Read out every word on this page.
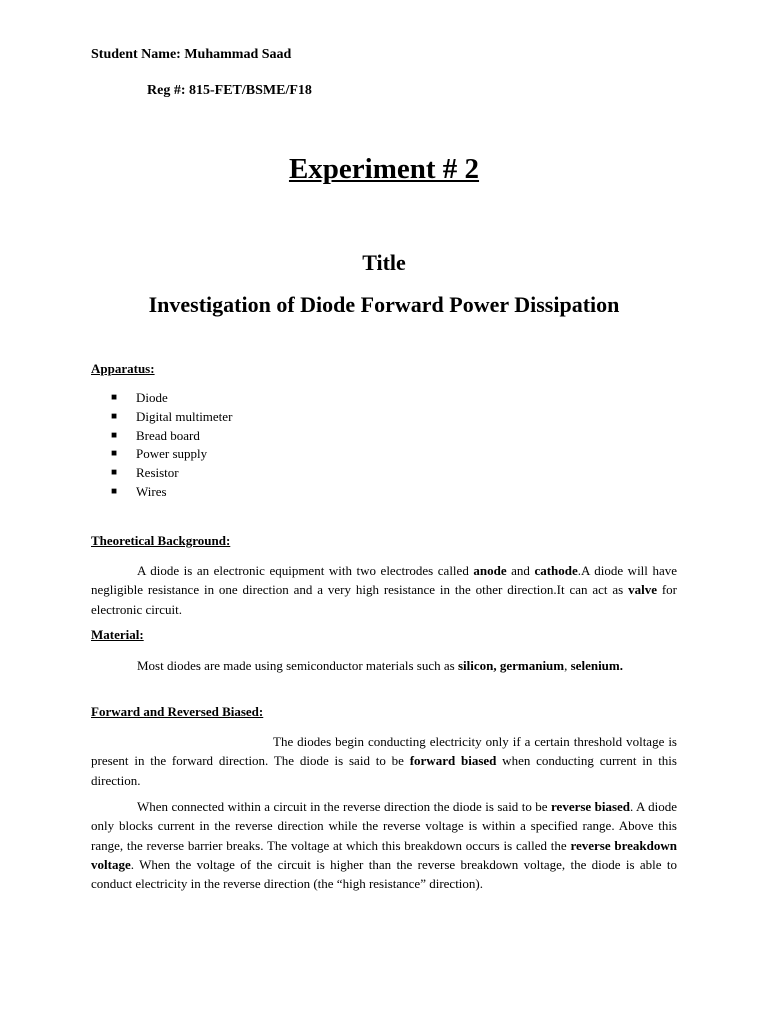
Student Name: Muhammad Saad
Reg #: 815-FET/BSME/F18
Experiment # 2
Title
Investigation of Diode Forward Power Dissipation
Apparatus:
■ Diode
■ Digital multimeter
■ Bread board
■ Power supply
■ Resistor
■ Wires
Theoretical Background:
A diode is an electronic equipment with two electrodes called anode and cathode.A diode will have negligible resistance in one direction and a very high resistance in the other direction.It can act as valve for electronic circuit.
Material:
Most diodes are made using semiconductor materials such as silicon, germanium, selenium.
Forward and Reversed Biased:
The diodes begin conducting electricity only if a certain threshold voltage is present in the forward direction. The diode is said to be forward biased when conducting current in this direction.
When connected within a circuit in the reverse direction the diode is said to be reverse biased. A diode only blocks current in the reverse direction while the reverse voltage is within a specified range. Above this range, the reverse barrier breaks. The voltage at which this breakdown occurs is called the reverse breakdown voltage. When the voltage of the circuit is higher than the reverse breakdown voltage, the diode is able to conduct electricity in the reverse direction (the “high resistance” direction).
